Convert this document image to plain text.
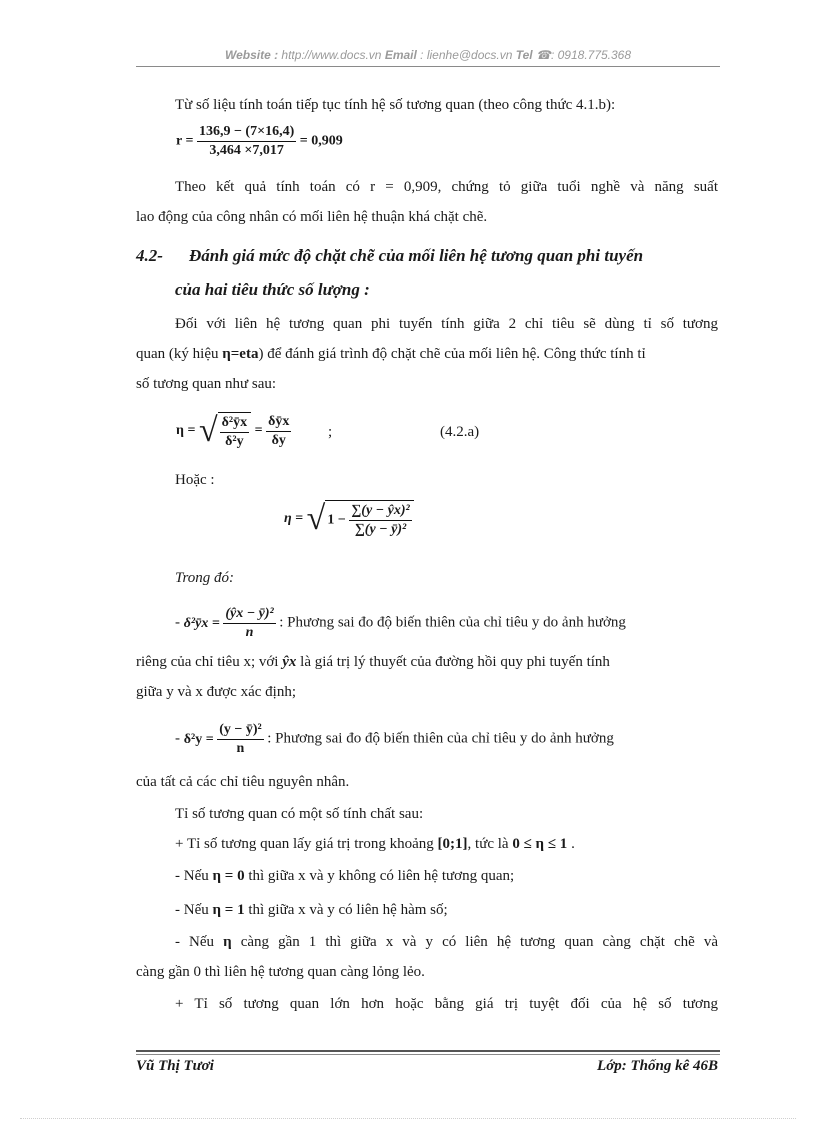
Website : http://www.docs.vn Email : lienhe@docs.vn Tel ☎: 0918.775.368
Từ số liệu tính toán tiếp tục tính hệ số tương quan (theo công thức 4.1.b):
$r = \frac{136,9 - (7\times 16,4)}{3,464 \times 7,017} = 0,909$
Theo kết quả tính toán có r = 0,909, chứng tỏ giữa tuổi nghề và năng suất
lao động của công nhân có mối liên hệ thuận khá chặt chẽ.
4.2- Đánh giá mức độ chặt chẽ của mối liên hệ tương quan phi tuyến
của hai tiêu thức số lượng :
Đối với liên hệ tương quan phi tuyến tính giữa 2 chỉ tiêu sẽ dùng tỉ số tương
quan (ký hiệu η=eta) để đánh giá trình độ chặt chẽ của mối liên hệ. Công thức tính tỉ
số tương quan như sau:
η = √ $\frac{\text{δ²ȳx}}{\text{δ²y}} = \frac{\text{δȳx}}{\delta y}$ ;	(4.2.a)
Hoặc :
η = √ $1 - \frac{\text{∑(y − ŷx)²}}{\text{∑(y − ȳ)²}}$
Trong đó:
- δ²ȳx = $\frac{\text{(ŷx − ȳ)²}}{n}$ : Phương sai đo độ biến thiên của chỉ tiêu y do ảnh hưởng
riêng của chỉ tiêu x; với ŷx là giá trị lý thuyết của đường hồi quy phi tuyến tính
giữa y và x được xác định;
- $\delta^2y = \frac{\text{(y − ȳ)²}}{n}$ : Phương sai đo độ biến thiên của chỉ tiêu y do ảnh hưởng
của tất cả các chỉ tiêu nguyên nhân.
Tỉ số tương quan có một số tính chất sau:
+ Tỉ số tương quan lấy giá trị trong khoảng [0;1], tức là 0 ≤ η ≤ 1 .
- Nếu η = 0 thì giữa x và y không có liên hệ tương quan;
- Nếu η = 1 thì giữa x và y có liên hệ hàm số;
- Nếu η càng gần 1 thì giữa x và y có liên hệ tương quan càng chặt chẽ và
càng gần 0 thì liên hệ tương quan càng lỏng lẻo.
+ Tỉ số tương quan lớn hơn hoặc bằng giá trị tuyệt đối của hệ số tương
Vũ Thị Tươi	Lớp: Thống kê 46B
